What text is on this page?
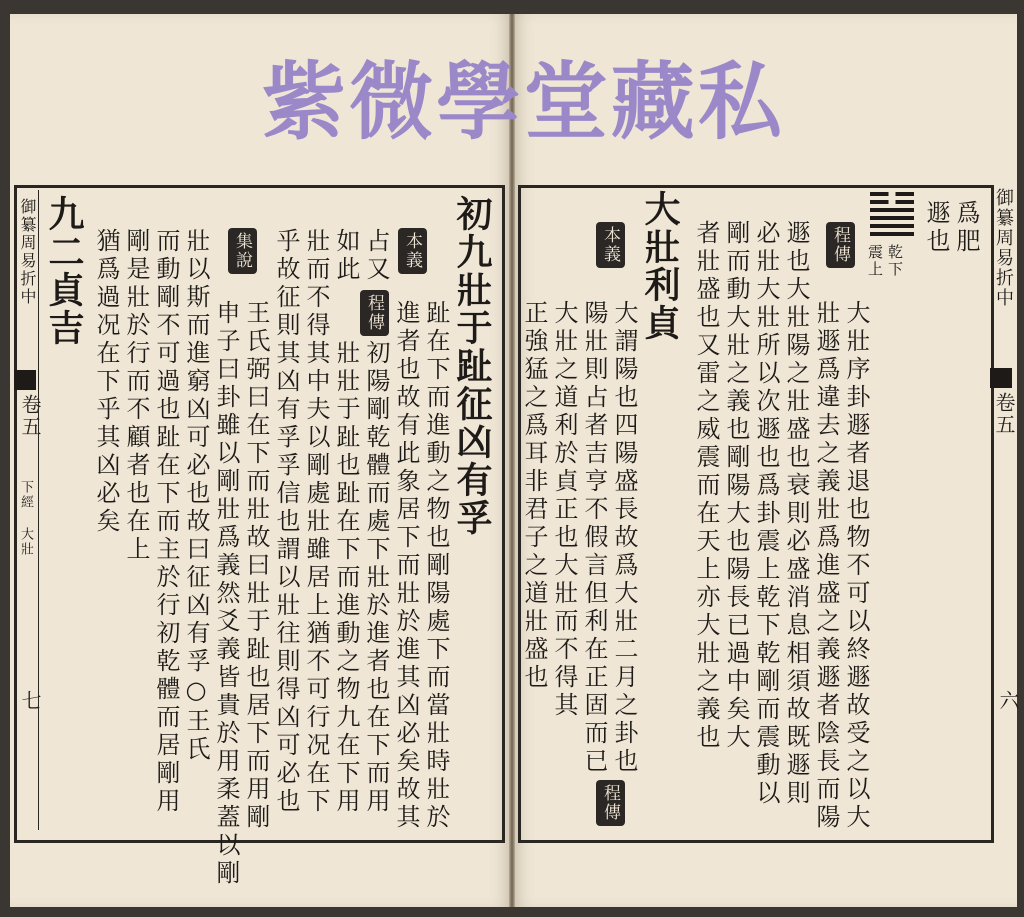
紫 微 學 堂 藏 私
御纂周易折中
卷五
下經 大壯
七
九二貞吉 猶爲過况在下乎其凶必矣 剛是壯於行而不顧者也在上 而動剛不可過也趾在下而主於行初乾體而居剛用 壯以斯而進窮凶可必也故曰征凶有孚○王氏 集說
申子曰卦雖以剛壯爲義然爻義皆貴於用柔蓋以剛 王氏弼曰在下而壯故曰壯于趾也居下而用剛 乎故征則其凶有孚孚信也謂以壯往則得凶可必也 壯而不得其中夫以剛處壯雖居上猶不可行况在下 壯壯于趾也趾在下而進動之物九在下用
程傳
如此
初陽剛乾體而處下壯於進者也在下而用
占又 本義
進者也故有此象居下而壯於進其凶必矣故其 趾在下而進動之物也剛陽處下而當壯時壯於 初九壯于趾征凶有孚	御纂周易折中
卷五
六
乾下
震上
爲肥
遯也
程傳
大壯序卦遯者退也物不可以終遯故受之以大
壯遯爲違去之義壯爲進盛之義遯者陰長而陽
遯也大壯陽之壯盛也衰則必盛消息相須故既遯則
必壯大壯所以次遯也爲卦震上乾下乾剛而震動以
剛而動大壯之義也剛陽大也陽長已過中矣大
者壯盛也又雷之威震而在天上亦大壯之義也
大壯利貞
本義
大謂陽也四陽盛長故爲大壯二月之卦也
陽壯則占者吉亨不假言但利在正固而已
大壯之道利於貞正也大壯而不得其
正強猛之爲耳非君子之道壯盛也
程傳
